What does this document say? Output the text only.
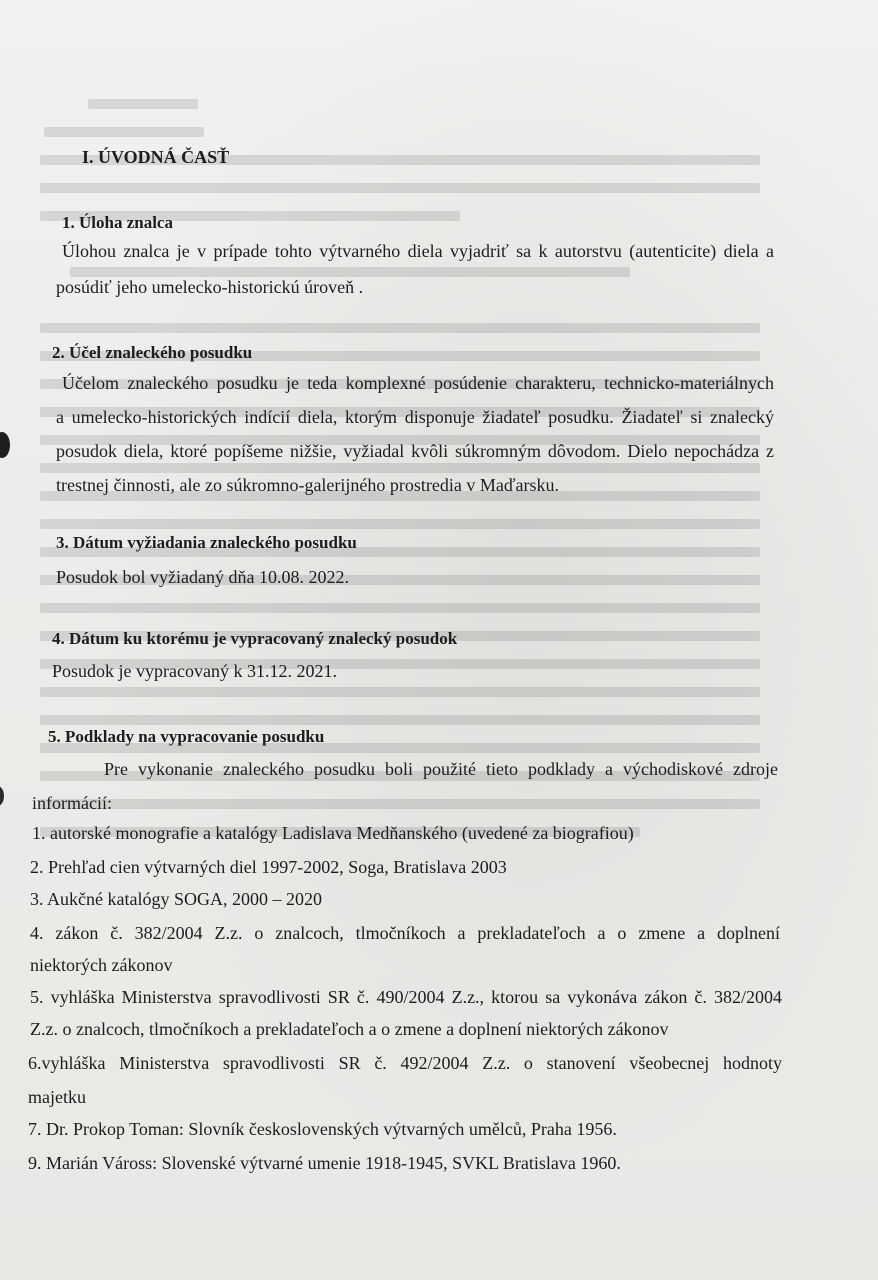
I. ÚVODNÁ ČASŤ
1. Úloha znalca
Úlohou znalca je v prípade tohto výtvarného diela vyjadriť sa k autorstvu (autenticite) diela a
posúdiť jeho umelecko-historickú úroveň .
2. Účel znaleckého posudku
Účelom znaleckého posudku je teda komplexné posúdenie charakteru, technicko-materiálnych
a umelecko-historických indícií diela, ktorým disponuje žiadateľ posudku. Žiadateľ si znalecký
posudok diela, ktoré popíšeme nižšie, vyžiadal kvôli súkromným dôvodom. Dielo nepochádza z
trestnej činnosti, ale zo súkromno-galerijného prostredia v Maďarsku.
3. Dátum vyžiadania znaleckého posudku
Posudok bol vyžiadaný dňa 10.08. 2022.
4. Dátum ku ktorému je vypracovaný znalecký posudok
Posudok je vypracovaný k 31.12. 2021.
5. Podklady na vypracovanie posudku
Pre vykonanie znaleckého posudku boli použité tieto podklady a východiskové zdroje
informácií:
1. autorské monografie a katalógy Ladislava Medňanského (uvedené za biografiou)
2. Prehľad cien výtvarných diel 1997-2002, Soga, Bratislava 2003
3. Aukčné katalógy SOGA, 2000 – 2020
4. zákon č. 382/2004 Z.z. o znalcoch, tlmočníkoch a prekladateľoch a o zmene a doplnení
niektorých zákonov
5. vyhláška Ministerstva spravodlivosti SR č. 490/2004 Z.z., ktorou sa vykonáva zákon č. 382/2004
Z.z. o znalcoch, tlmočníkoch a prekladateľoch a o zmene a doplnení niektorých zákonov
6.vyhláška Ministerstva spravodlivosti SR č. 492/2004 Z.z. o stanovení všeobecnej hodnoty
majetku
7. Dr. Prokop Toman: Slovník československých výtvarných umělců, Praha 1956.
9. Marián Váross: Slovenské výtvarné umenie 1918-1945, SVKL Bratislava 1960.
